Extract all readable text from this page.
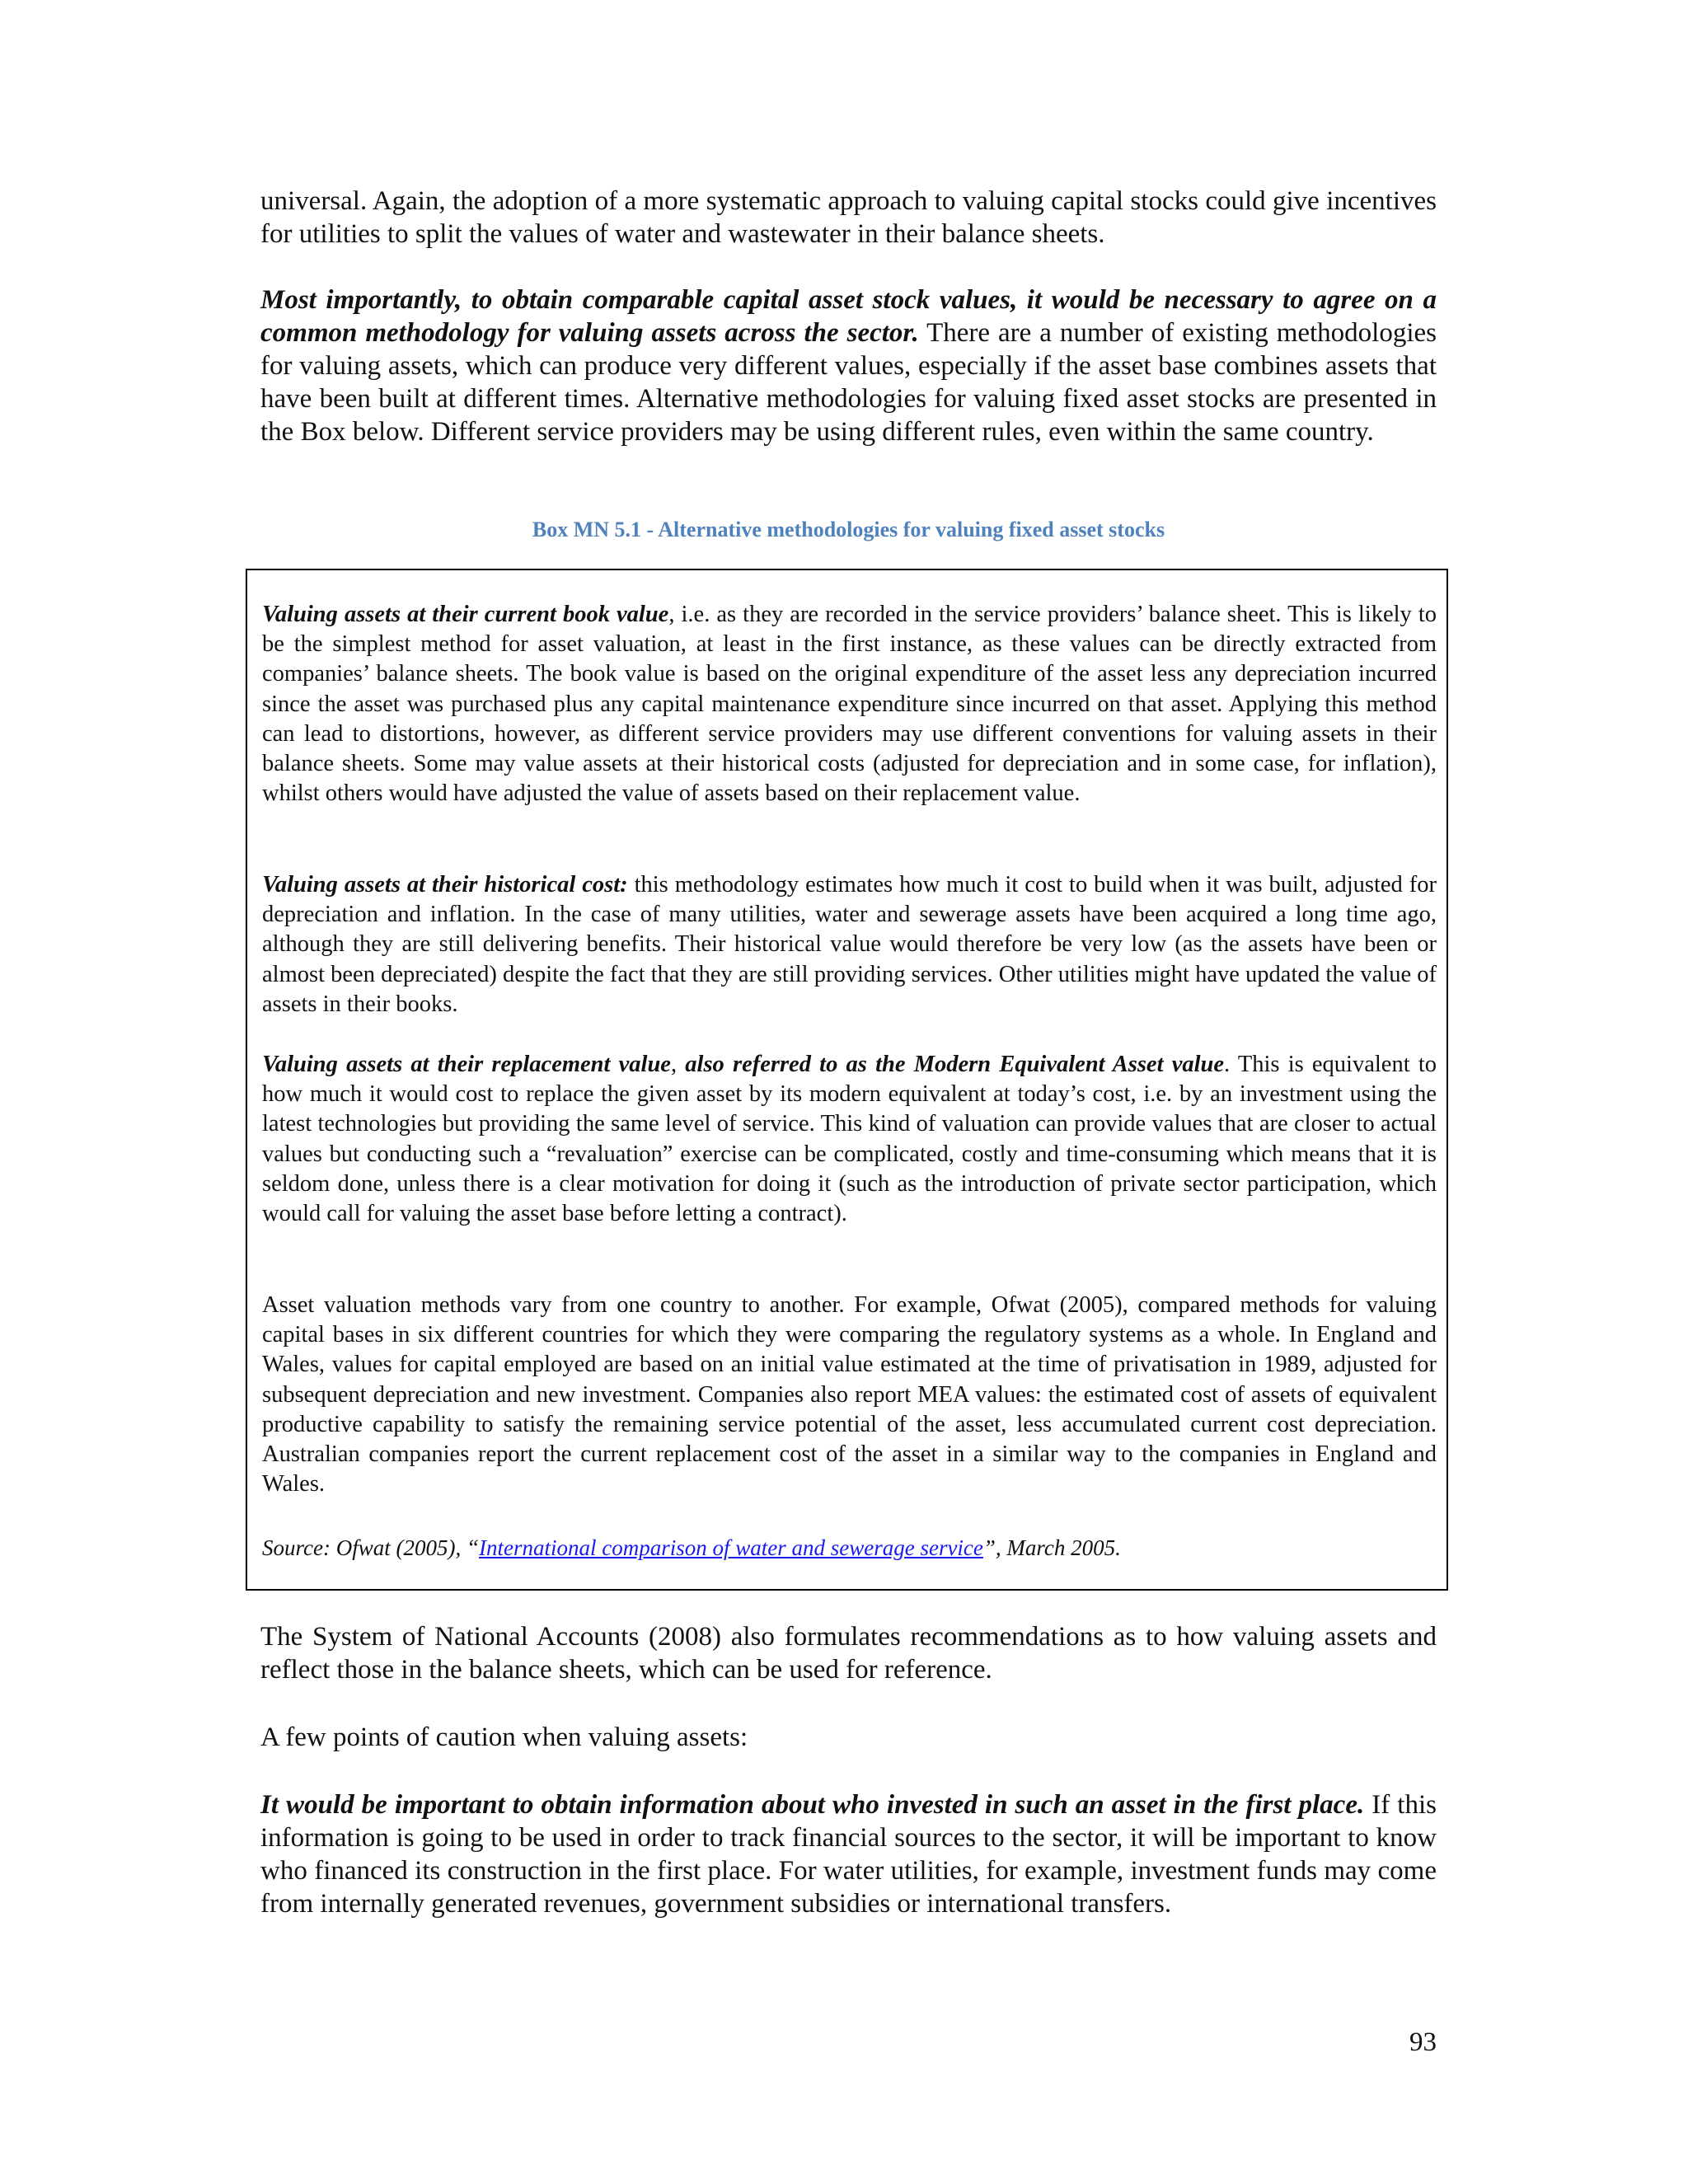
universal. Again, the adoption of a more systematic approach to valuing capital stocks could give incentives for utilities to split the values of water and wastewater in their balance sheets.

Most importantly, to obtain comparable capital asset stock values, it would be necessary to agree on a common methodology for valuing assets across the sector. There are a number of existing methodologies for valuing assets, which can produce very different values, especially if the asset base combines assets that have been built at different times. Alternative methodologies for valuing fixed asset stocks are presented in the Box below. Different service providers may be using different rules, even within the same country.

Box MN 5.1 - Alternative methodologies for valuing fixed asset stocks

Valuing assets at their current book value, i.e. as they are recorded in the service providers’ balance sheet. This is likely to be the simplest method for asset valuation, at least in the first instance, as these values can be directly extracted from companies’ balance sheets. The book value is based on the original expenditure of the asset less any depreciation incurred since the asset was purchased plus any capital maintenance expenditure since incurred on that asset. Applying this method can lead to distortions, however, as different service providers may use different conventions for valuing assets in their balance sheets. Some may value assets at their historical costs (adjusted for depreciation and in some case, for inflation), whilst others would have adjusted the value of assets based on their replacement value.

Valuing assets at their historical cost: this methodology estimates how much it cost to build when it was built, adjusted for depreciation and inflation. In the case of many utilities, water and sewerage assets have been acquired a long time ago, although they are still delivering benefits. Their historical value would therefore be very low (as the assets have been or almost been depreciated) despite the fact that they are still providing services. Other utilities might have updated the value of assets in their books.

Valuing assets at their replacement value, also referred to as the Modern Equivalent Asset value. This is equivalent to how much it would cost to replace the given asset by its modern equivalent at today’s cost, i.e. by an investment using the latest technologies but providing the same level of service. This kind of valuation can provide values that are closer to actual values but conducting such a “revaluation” exercise can be complicated, costly and time-consuming which means that it is seldom done, unless there is a clear motivation for doing it (such as the introduction of private sector participation, which would call for valuing the asset base before letting a contract).

Asset valuation methods vary from one country to another. For example, Ofwat (2005), compared methods for valuing capital bases in six different countries for which they were comparing the regulatory systems as a whole. In England and Wales, values for capital employed are based on an initial value estimated at the time of privatisation in 1989, adjusted for subsequent depreciation and new investment. Companies also report MEA values: the estimated cost of assets of equivalent productive capability to satisfy the remaining service potential of the asset, less accumulated current cost depreciation. Australian companies report the current replacement cost of the asset in a similar way to the companies in England and Wales.

Source: Ofwat (2005), “International comparison of water and sewerage service”, March 2005.

The System of National Accounts (2008) also formulates recommendations as to how valuing assets and reflect those in the balance sheets, which can be used for reference.

A few points of caution when valuing assets:

It would be important to obtain information about who invested in such an asset in the first place. If this information is going to be used in order to track financial sources to the sector, it will be important to know who financed its construction in the first place. For water utilities, for example, investment funds may come from internally generated revenues, government subsidies or international transfers.

93
